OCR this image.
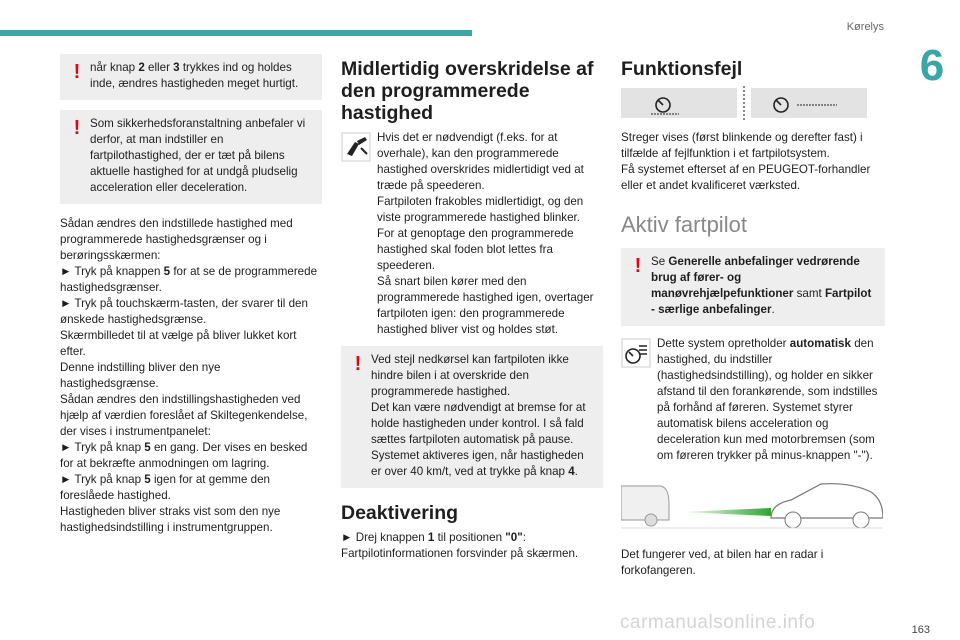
Kørelys
6
! når knap 2 eller 3 trykkes ind og holdes inde, ændres hastigheden meget hurtigt.
! Som sikkerhedsforanstaltning anbefaler vi derfor, at man indstiller en fartpilothastighed, der er tæt på bilens aktuelle hastighed for at undgå pludselig acceleration eller deceleration.

Sådan ændres den indstillede hastighed med programmerede hastighedsgrænser og i berøringsskærmen:

► Tryk på knappen 5 for at se de programmerede hastighedsgrænser.

► Tryk på touchskærm-tasten, der svarer til den ønskede hastighedsgrænse.

Skærmbilledet til at vælge på bliver lukket kort efter.
Denne indstilling bliver den nye hastighedsgrænse.
Sådan ændres den indstillingshastigheden ved hjælp af værdien foreslået af Skiltegenkendelse, der vises i instrumentpanelet:

► Tryk på knap 5 en gang. Der vises en besked for at bekræfte anmodningen om lagring.

► Tryk på knap 5 igen for at gemme den foreslåede hastighed.

Hastigheden bliver straks vist som den nye hastighedsindstilling i instrumentgruppen.

Midlertidig overskridelse af den programmerede hastighed

Hvis det er nødvendigt (f.eks. for at overhale), kan den programmerede hastighed overskrides midlertidigt ved at træde på speederen.
Fartpiloten frakobles midlertidigt, og den viste programmerede hastighed blinker.
For at genoptage den programmerede hastighed skal foden blot lettes fra speederen.
Så snart bilen kører med den programmerede hastighed igen, overtager fartpiloten igen: den programmerede hastighed bliver vist og holdes støt.

! Ved stejl nedkørsel kan fartpiloten ikke hindre bilen i at overskride den programmerede hastighed.
Det kan være nødvendigt at bremse for at holde hastigheden under kontrol. I så fald sættes fartpiloten automatisk på pause.
Systemet aktiveres igen, når hastigheden er over 40 km/t, ved at trykke på knap 4.
Deaktivering

► Drej knappen 1 til positionen "0":
Fartpilotinformationen forsvinder på skærmen.

Funktionsfejl

Streger vises (først blinkende og derefter fast) i tilfælde af fejlfunktion i et fartpilotsystem.
Få systemet efterset af en PEUGEOT-forhandler eller et andet kvalificeret værksted.

Aktiv fartpilot
! Se Generelle anbefalinger vedrørende brug af fører- og manøvrehjælpefunktioner samt Fartpilot - særlige anbefalinger.

Dette system opretholder automatisk den hastighed, du indstiller (hastighedsindstilling), og holder en sikker afstand til den forankørende, som indstilles på forhånd af føreren. Systemet styrer automatisk bilens acceleration og deceleration kun med motorbremsen (som om føreren trykker på minus-knappen "-").

Det fungerer ved, at bilen har en radar i forkofangeren.

carmanualsonline.info	163
